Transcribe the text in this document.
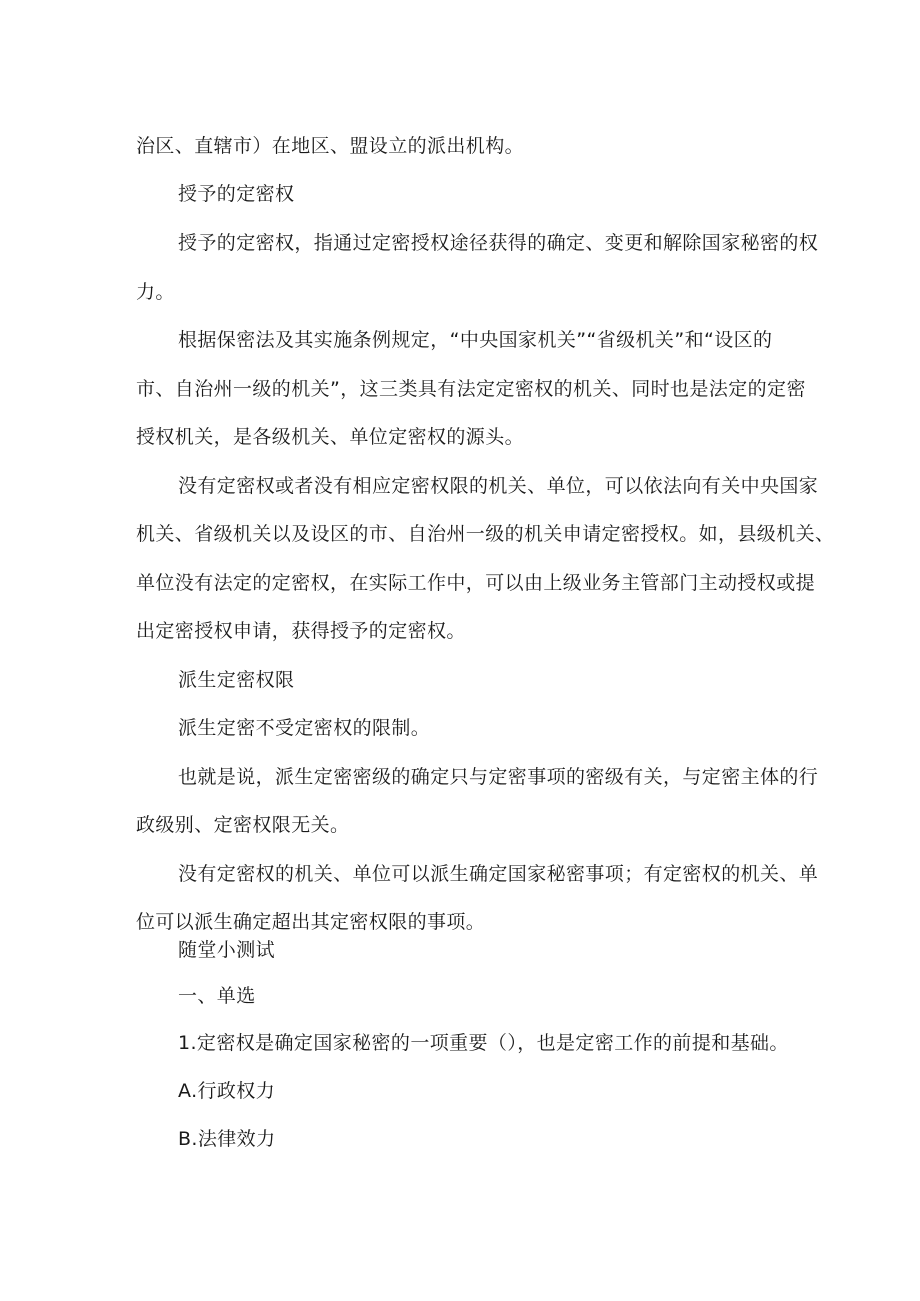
治区、直辖市）在地区、盟设立的派出机构。
授予的定密权
授予的定密权，指通过定密授权途径获得的确定、变更和解除国家秘密的权
力。
根据保密法及其实施条例规定，“中央国家机关”“省级机关”和“设区的
市、自治州一级的机关”，这三类具有法定定密权的机关、同时也是法定的定密
授权机关，是各级机关、单位定密权的源头。
没有定密权或者没有相应定密权限的机关、单位，可以依法向有关中央国家
机关、省级机关以及设区的市、自治州一级的机关申请定密授权。如，县级机关、
单位没有法定的定密权，在实际工作中，可以由上级业务主管部门主动授权或提
出定密授权申请，获得授予的定密权。
派生定密权限
派生定密不受定密权的限制。
也就是说，派生定密密级的确定只与定密事项的密级有关，与定密主体的行
政级别、定密权限无关。
没有定密权的机关、单位可以派生确定国家秘密事项；有定密权的机关、单
位可以派生确定超出其定密权限的事项。
随堂小测试
一、单选
1.定密权是确定国家秘密的一项重要（），也是定密工作的前提和基础。
A.行政权力
B.法律效力
